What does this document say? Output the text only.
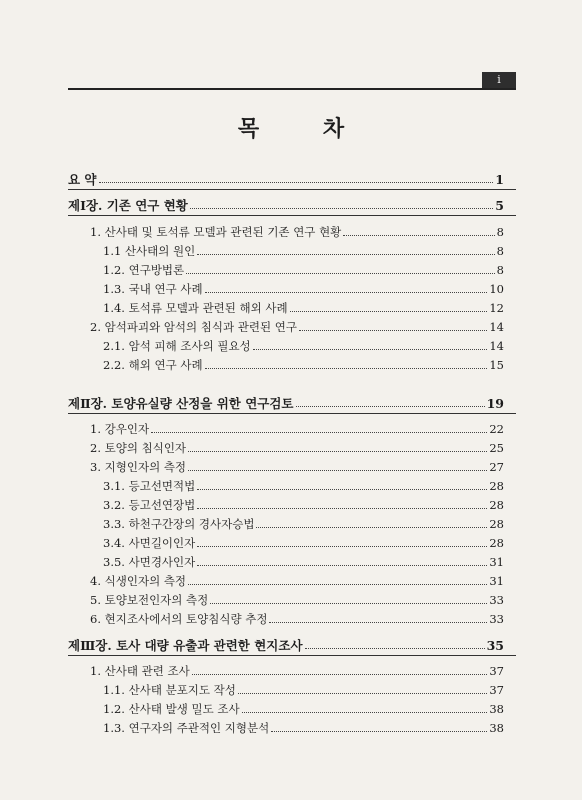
i
목 차
요 약	1
제Ⅰ장. 기존 연구 현황	5
1. 산사태 및 토석류 모델과 관련된 기존 연구 현황	8
1.1 산사태의 원인	8
1.2. 연구방법론	8
1.3. 국내 연구 사례	10
1.4. 토석류 모델과 관련된 해외 사례	12
2. 암석파괴와 암석의 침식과 관련된 연구	14
2.1. 암석 피해 조사의 필요성	14
2.2. 해외 연구 사례	15
제Ⅱ장. 토양유실량 산정을 위한 연구검토	19
1. 강우인자	22
2. 토양의 침식인자	25
3. 지형인자의 측정	27
3.1. 등고선면적법	28
3.2. 등고선연장법	28
3.3. 하천구간장의 경사자승법	28
3.4. 사면길이인자	28
3.5. 사면경사인자	31
4. 식생인자의 측정	31
5. 토양보전인자의 측정	33
6. 현지조사에서의 토양침식량 추정	33
제Ⅲ장. 토사 대량 유출과 관련한 현지조사	35
1. 산사태 관련 조사	37
1.1. 산사태 분포지도 작성	37
1.2. 산사태 발생 밀도 조사	38
1.3. 연구자의 주관적인 지형분석	38
